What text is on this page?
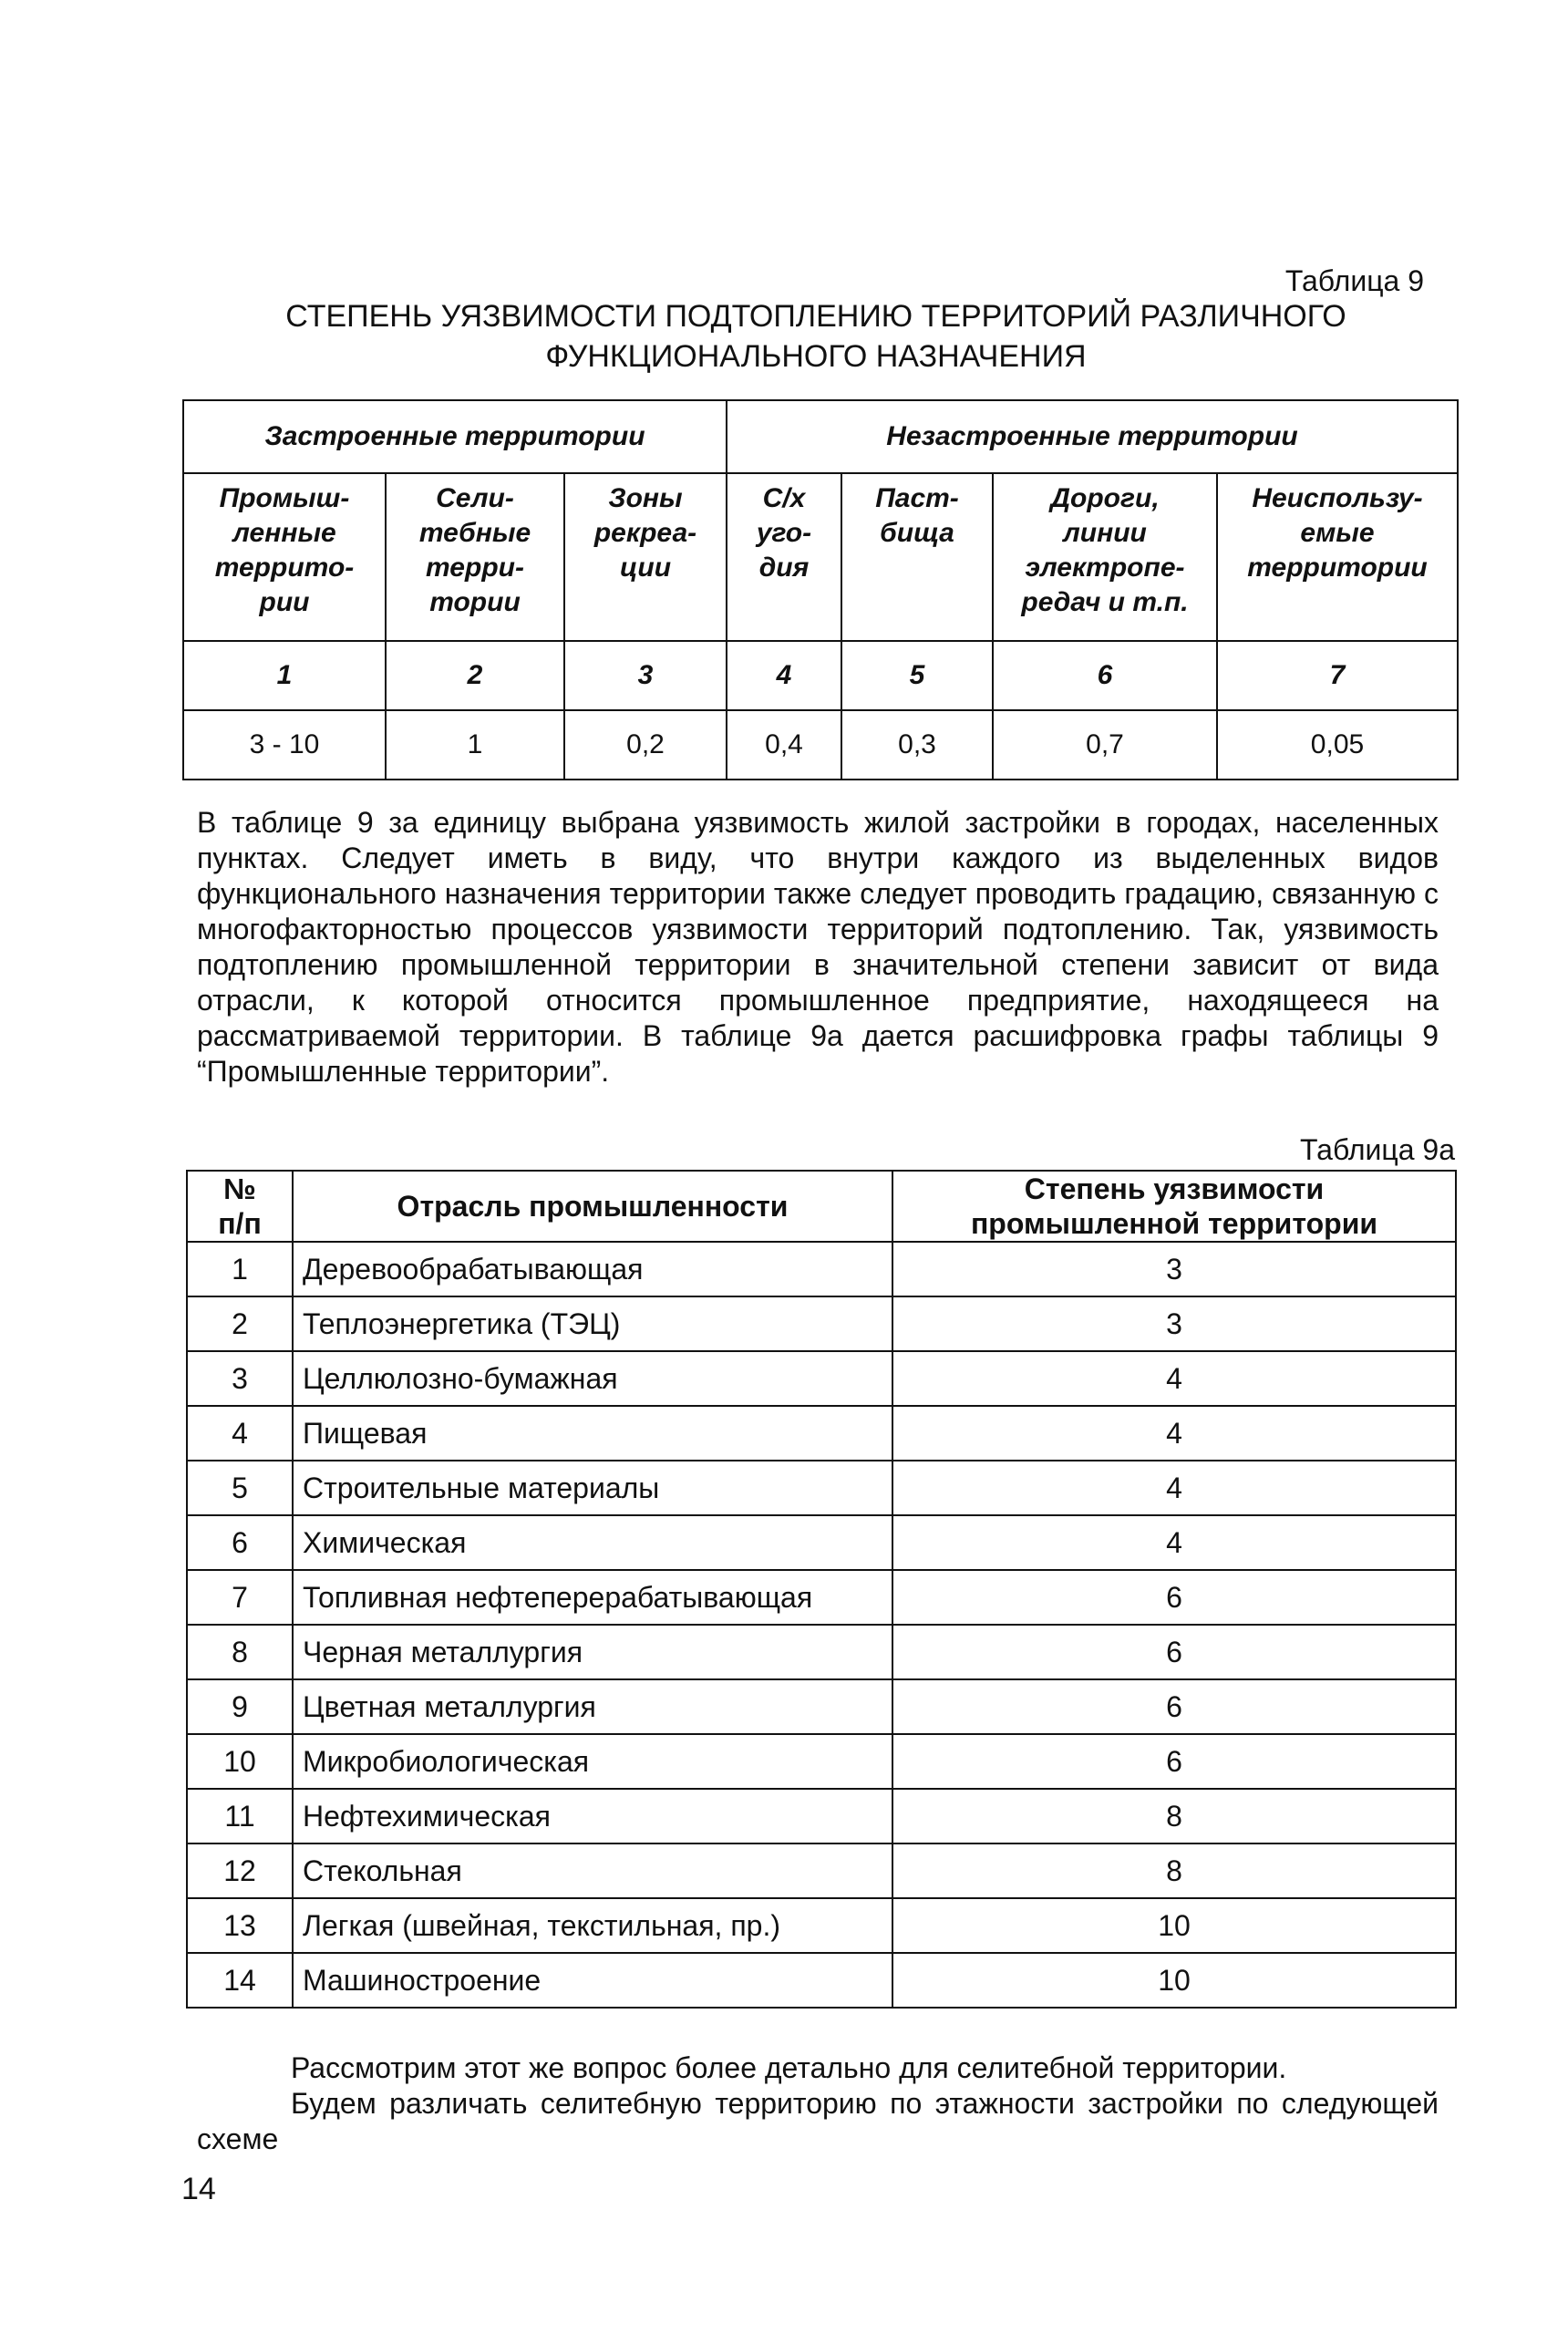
Таблица 9
СТЕПЕНЬ УЯЗВИМОСТИ ПОДТОПЛЕНИЮ ТЕРРИТОРИЙ РАЗЛИЧНОГО
ФУНКЦИОНАЛЬНОГО НАЗНАЧЕНИЯ
Застроенные территории			Незастроенные территории			

Промыш-
ленные
террито-
рии	Сели-
тебные
терри-
тории	Зоны
рекреа-
ции	С/х
уго-
дия	Паст-
бища	Дороги,
линии
электропе-
редач и т.п.	Неиспользу-
емые
территории

1	2	3	4	5	6	7
3 - 10	1	0,2	0,4	0,3	0,7	0,05
В таблице 9 за единицу выбрана уязвимость жилой застройки в городах, населенных пунктах. Следует иметь в виду, что внутри каждого из выделенных видов функционального назначения территории также следует проводить градацию, связанную с многофакторностью процессов уязвимости территорий подтоплению. Так, уязвимость подтоплению промышленной территории в значительной степени зависит от вида отрасли, к которой относится промышленное предприятие, находящееся на рассматриваемой территории. В таблице 9а дается расшифровка графы таблицы 9 “Промышленные территории”.
Таблица 9а
№
п/п	Отрасль промышленности	Степень уязвимости
промышленной территории
1	Деревообрабатывающая	3
2	Теплоэнергетика (ТЭЦ)	3
3	Целлюлозно-бумажная	4
4	Пищевая	4
5	Строительные материалы	4
6	Химическая	4
7	Топливная нефтеперерабатывающая	6
8	Черная металлургия	6
9	Цветная металлургия	6
10	Микробиологическая	6
11	Нефтехимическая	8
12	Стекольная	8
13	Легкая (швейная, текстильная, пр.)	10
14	Машиностроение	10
Рассмотрим этот же вопрос более детально для селитебной территории.
Будем различать селитебную территорию по этажности застройки по следующей схеме
14
